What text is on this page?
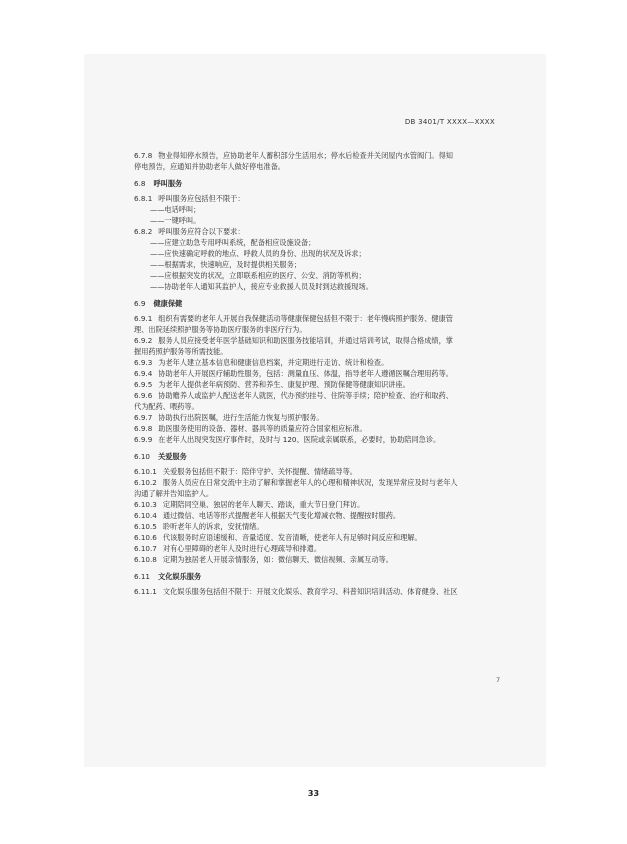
DB 3401/T XXXX—XXXX
6.7.8 物业得知停水预告，应协助老年人蓄积部分生活用水；停水后检查并关闭屋内水管阀门。得知
停电预告，应通知并协助老年人做好停电准备。
6.8 呼叫服务
6.8.1 呼叫服务应包括但不限于：
——电话呼叫；
——一键呼叫。
6.8.2 呼叫服务应符合以下要求：
——应建立助急专用呼叫系统，配备相应设施设备；
——应快速确定呼救的地点、呼救人员的身份、出现的状况及诉求；
——根据需求，快速响应，及时提供相关服务；
——应根据突发的状况，立即联系相应的医疗、公安、消防等机构；
——协助老年人通知其监护人，接应专业救援人员及时到达救援现场。
6.9 健康保健
6.9.1 组织有需要的老年人开展自我保健活动等健康保健包括但不限于：老年慢病照护服务、健康管
理、出院延续照护服务等协助医疗服务的非医疗行为。
6.9.2 服务人员应接受老年医学基础知识和助医服务技能培训，并通过培训考试，取得合格成绩，掌
握用药照护服务等所需技能。
6.9.3 为老年人建立基本信息和健康信息档案，并定期进行走访、统计和检查。
6.9.4 协助老年人开展医疗辅助性服务，包括：测量血压、体温，指导老年人遵循医嘱合理用药等。
6.9.5 为老年人提供老年病预防、营养和养生、康复护理、预防保健等健康知识讲座。
6.9.6 协助赡养人或监护人配送老年人就医，代办预约挂号、住院等手续；陪护检查、治疗和取药、
代为配药、喂药等。
6.9.7 协助执行出院医嘱，进行生活能力恢复与照护服务。
6.9.8 助医服务使用的设备、器材、器具等的质量应符合国家相应标准。
6.9.9 在老年人出现突发医疗事件时，及时与 120、医院或亲属联系，必要时，协助陪同急诊。
6.10 关爱服务
6.10.1 关爱服务包括但不限于：陪伴守护、关怀提醒、情绪疏导等。
6.10.2 服务人员应在日常交流中主动了解和掌握老年人的心理和精神状况，发现异常应及时与老年人
沟通了解并告知监护人。
6.10.3 定期陪同空巢、独居的老年人聊天、踏谈，重大节日登门拜访。
6.10.4 通过微信、电话等形式提醒老年人根据天气变化增减衣物、提醒按时服药。
6.10.5 聆听老年人的诉求，安抚情绪。
6.10.6 代该服务时应语速缓和、音量适度、发音清晰，使老年人有足够时间反应和理解。
6.10.7 对有心里障碍的老年人及时进行心理疏导和排遣。
6.10.8 定期为独居老人开展亲情服务，如：微信聊天、微信视频、亲属互动等。
6.11 文化娱乐服务
6.11.1 文化娱乐服务包括但不限于：开展文化娱乐、教育学习、科普知识培训活动、体育健身、社区
7
33
